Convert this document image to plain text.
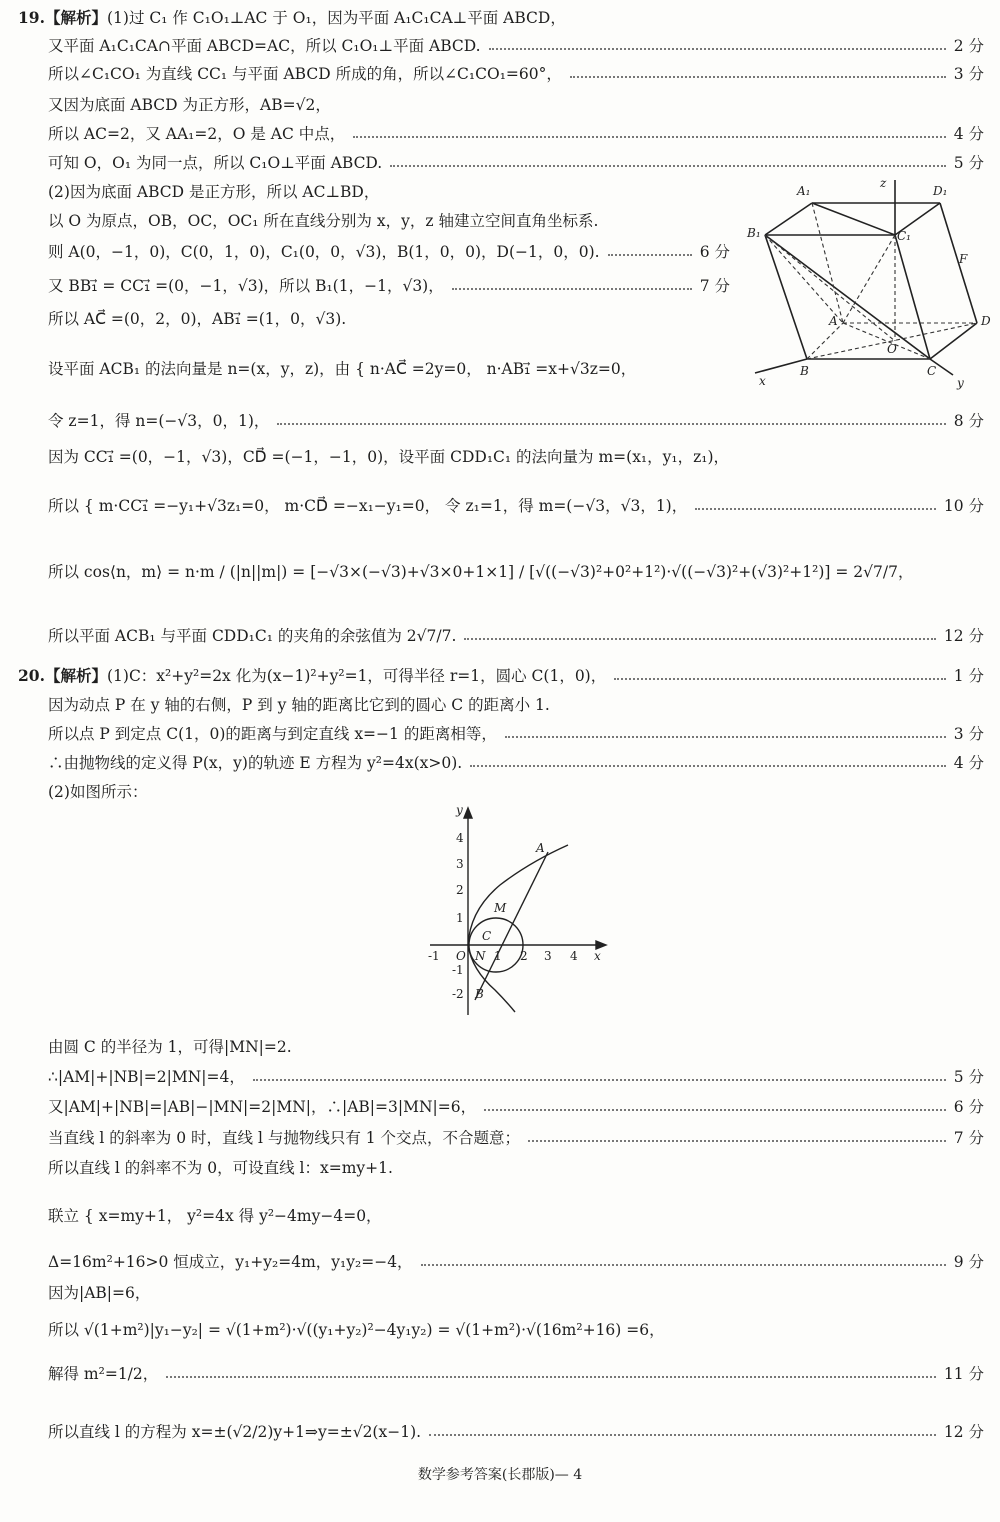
19. 【解析】 (1)过 C₁ 作 C₁O₁⊥AC 于 O₁，因为平面 A₁C₁CA⊥平面 ABCD，
又平面 A₁C₁CA∩平面 ABCD=AC，所以 C₁O₁⊥平面 ABCD.	2 分
所以∠C₁CO₁ 为直线 CC₁ 与平面 ABCD 所成的角，所以∠C₁CO₁=60°，	3 分
又因为底面 ABCD 为正方形，AB=√2，
所以 AC=2，又 AA₁=2，O 是 AC 中点，	4 分
可知 O，O₁ 为同一点，所以 C₁O⊥平面 ABCD.	5 分
(2)因为底面 ABCD 是正方形，所以 AC⊥BD，
以 O 为原点，OB，OC，OC₁ 所在直线分别为 x，y，z 轴建立空间直角坐标系.
则 A(0，−1，0)，C(0，1，0)，C₁(0，0，√3)，B(1，0，0)，D(−1，0，0).	6 分
又 BB₁⃗ = CC₁⃗ =(0，−1，√3)，所以 B₁(1，−1，√3)，	7 分
所以 AC⃗ =(0，2，0)，AB₁⃗ =(1，0，√3).
设平面 ACB₁ 的法向量是 n=(x，y，z)，由 { n·AC⃗ =2y=0， n·AB₁⃗ =x+√3z=0，
令 z=1，得 n=(−√3，0，1)，	8 分
因为 CC₁⃗ =(0，−1，√3)，CD⃗ =(−1，−1，0)，设平面 CDD₁C₁ 的法向量为 m=(x₁，y₁，z₁)，
所以 { m·CC₁⃗ =−y₁+√3z₁=0， m·CD⃗ =−x₁−y₁=0， 令 z₁=1，得 m=(−√3，√3，1)，	10 分
所以 cos⟨n，m⟩ = n·m / (|n||m|) = [−√3×(−√3)+√3×0+1×1] / [√((−√3)²+0²+1²)·√((−√3)²+(√3)²+1²)] = 2√7/7，
所以平面 ACB₁ 与平面 CDD₁C₁ 的夹角的余弦值为 2√7/7.	12 分
A₁
z
D₁
B₁	C₁
F
A	D
O
x
B	C
y
20. 【解析】 (1)C：x²+y²=2x 化为(x−1)²+y²=1，可得半径 r=1，圆心 C(1，0)，	1 分
因为动点 P 在 y 轴的右侧，P 到 y 轴的距离比它到的圆心 C 的距离小 1.
所以点 P 到定点 C(1，0)的距离与到定直线 x=−1 的距离相等，	3 分
∴由抛物线的定义得 P(x，y)的轨迹 E 方程为 y²=4x(x>0).	4 分
(2)如图所示：
-1 O N 1 2 3 4 x
y
4
3
2
1
-1
-2
A
M
C
B
由圆 C 的半径为 1，可得|MN|=2.
∴|AM|+|NB|=2|MN|=4，	5 分
又|AM|+|NB|=|AB|−|MN|=2|MN|，∴|AB|=3|MN|=6，	6 分
当直线 l 的斜率为 0 时，直线 l 与抛物线只有 1 个交点，不合题意；	7 分
所以直线 l 的斜率不为 0，可设直线 l：x=my+1.
联立 { x=my+1， y²=4x 得 y²−4my−4=0，
Δ=16m²+16>0 恒成立，y₁+y₂=4m，y₁y₂=−4，	9 分
因为|AB|=6，
所以 √(1+m²)|y₁−y₂| = √(1+m²)·√((y₁+y₂)²−4y₁y₂) = √(1+m²)·√(16m²+16) =6，
解得 m²=1/2，	11 分
所以直线 l 的方程为 x=±(√2/2)y+1⇒y=±√2(x−1).	12 分
数学参考答案(长郡版)— 4
